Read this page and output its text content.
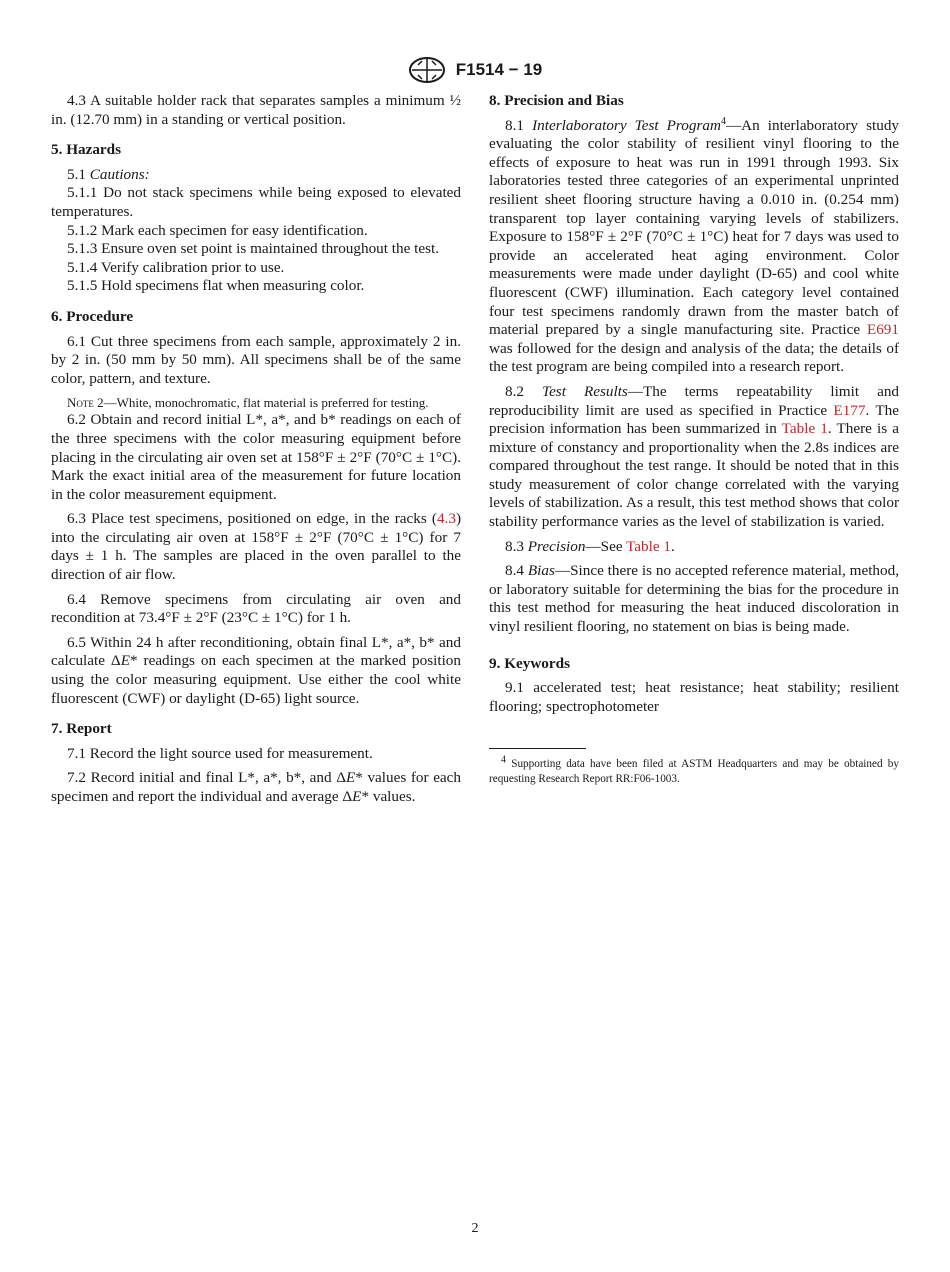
F1514 − 19

4.3 A suitable holder rack that separates samples a minimum ½ in. (12.70 mm) in a standing or vertical position.

5. Hazards

5.1 Cautions:

5.1.1 Do not stack specimens while being exposed to elevated temperatures.

5.1.2 Mark each specimen for easy identification.

5.1.3 Ensure oven set point is maintained throughout the test.

5.1.4 Verify calibration prior to use.

5.1.5 Hold specimens flat when measuring color.

6. Procedure

6.1 Cut three specimens from each sample, approximately 2 in. by 2 in. (50 mm by 50 mm). All specimens shall be of the same color, pattern, and texture.

Note 2—White, monochromatic, flat material is preferred for testing.

6.2 Obtain and record initial L*, a*, and b* readings on each of the three specimens with the color measuring equipment before placing in the circulating air oven set at 158°F ± 2°F (70°C ± 1°C). Mark the exact initial area of the measurement for future location in the color measurement equipment.

6.3 Place test specimens, positioned on edge, in the racks (4.3) into the circulating air oven at 158°F ± 2°F (70°C ± 1°C) for 7 days ± 1 h. The samples are placed in the oven parallel to the direction of air flow.

6.4 Remove specimens from circulating air oven and recondition at 73.4°F ± 2°F (23°C ± 1°C) for 1 h.

6.5 Within 24 h after reconditioning, obtain final L*, a*, b* and calculate ΔE* readings on each specimen at the marked position using the color measuring equipment. Use either the cool white fluorescent (CWF) or daylight (D-65) light source.

7. Report

7.1 Record the light source used for measurement.

7.2 Record initial and final L*, a*, b*, and ΔE* values for each specimen and report the individual and average ΔE* values.

8. Precision and Bias

8.1 Interlaboratory Test Program$^4$—An interlaboratory study evaluating the color stability of resilient vinyl flooring to the effects of exposure to heat was run in 1991 through 1993. Six laboratories tested three categories of an experimental unprinted resilient sheet flooring structure having a 0.010 in. (0.254 mm) transparent top layer containing varying levels of stabilizers. Exposure to 158°F ± 2°F (70°C ± 1°C) heat for 7 days was used to provide an accelerated heat aging environment. Color measurements were made under daylight (D-65) and cool white fluorescent (CWF) illumination. Each category level contained four test specimens randomly drawn from the master batch of material prepared by a single manufacturing site. Practice E691 was followed for the design and analysis of the data; the details of the test program are being compiled into a research report.

8.2 Test Results—The terms repeatability limit and reproducibility limit are used as specified in Practice E177. The precision information has been summarized in Table 1. There is a mixture of constancy and proportionality when the 2.8s indices are compared throughout the test range. It should be noted that in this study measurement of color change correlated with the varying levels of stabilization. As a result, this test method shows that color stability performance varies as the level of stabilization is varied.

8.3 Precision—See Table 1.

8.4 Bias—Since there is no accepted reference material, method, or laboratory suitable for determining the bias for the procedure in this test method for measuring the heat induced discoloration in vinyl resilient flooring, no statement on bias is being made.

9. Keywords

9.1 accelerated test; heat resistance; heat stability; resilient flooring; spectrophotometer

$^4$ Supporting data have been filed at ASTM Headquarters and may be obtained by requesting Research Report RR:F06-1003.

2
